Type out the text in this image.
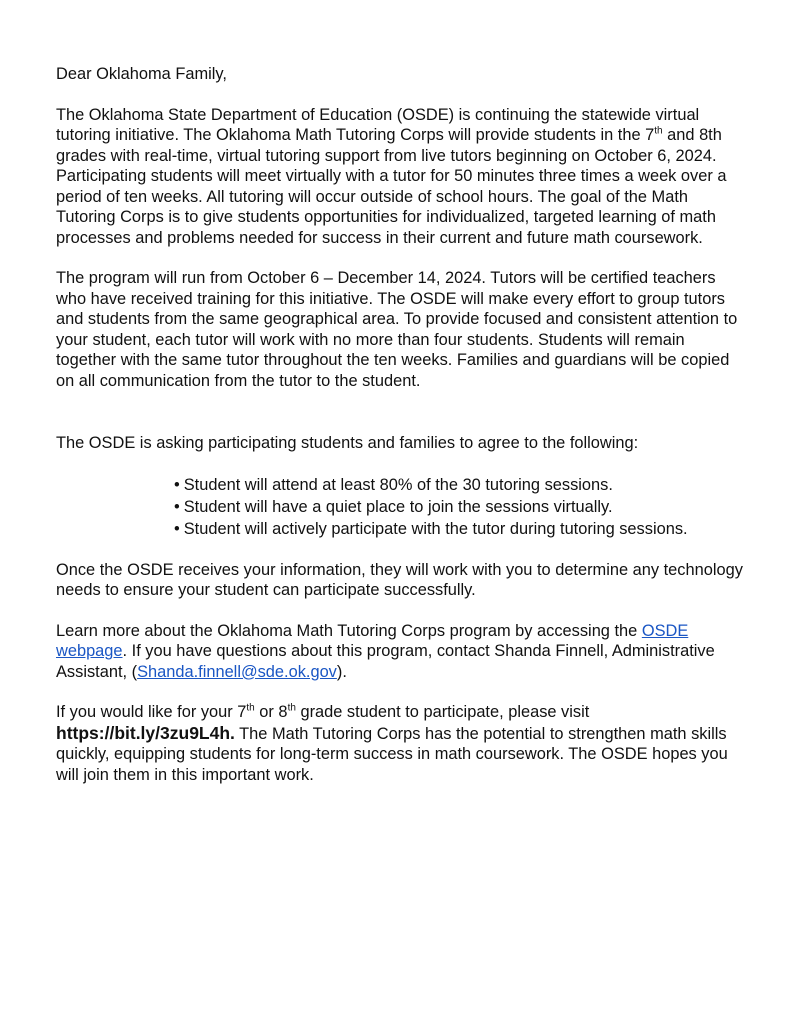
Dear Oklahoma Family,

The Oklahoma State Department of Education (OSDE) is continuing the statewide virtual tutoring initiative. The Oklahoma Math Tutoring Corps will provide students in the 7th and 8th grades with real-time, virtual tutoring support from live tutors beginning on October 6, 2024. Participating students will meet virtually with a tutor for 50 minutes three times a week over a period of ten weeks. All tutoring will occur outside of school hours. The goal of the Math Tutoring Corps is to give students opportunities for individualized, targeted learning of math processes and problems needed for success in their current and future math coursework.

The program will run from October 6 – December 14, 2024. Tutors will be certified teachers who have received training for this initiative. The OSDE will make every effort to group tutors and students from the same geographical area. To provide focused and consistent attention to your student, each tutor will work with no more than four students. Students will remain together with the same tutor throughout the ten weeks. Families and guardians will be copied on all communication from the tutor to the student.

The OSDE is asking participating students and families to agree to the following:

• Student will attend at least 80% of the 30 tutoring sessions.
• Student will have a quiet place to join the sessions virtually.
• Student will actively participate with the tutor during tutoring sessions.

Once the OSDE receives your information, they will work with you to determine any technology needs to ensure your student can participate successfully.

Learn more about the Oklahoma Math Tutoring Corps program by accessing the OSDE webpage. If you have questions about this program, contact Shanda Finnell, Administrative Assistant, (Shanda.finnell@sde.ok.gov).

If you would like for your 7th or 8th grade student to participate, please visit https://bit.ly/3zu9L4h. The Math Tutoring Corps has the potential to strengthen math skills quickly, equipping students for long-term success in math coursework. The OSDE hopes you will join them in this important work.
